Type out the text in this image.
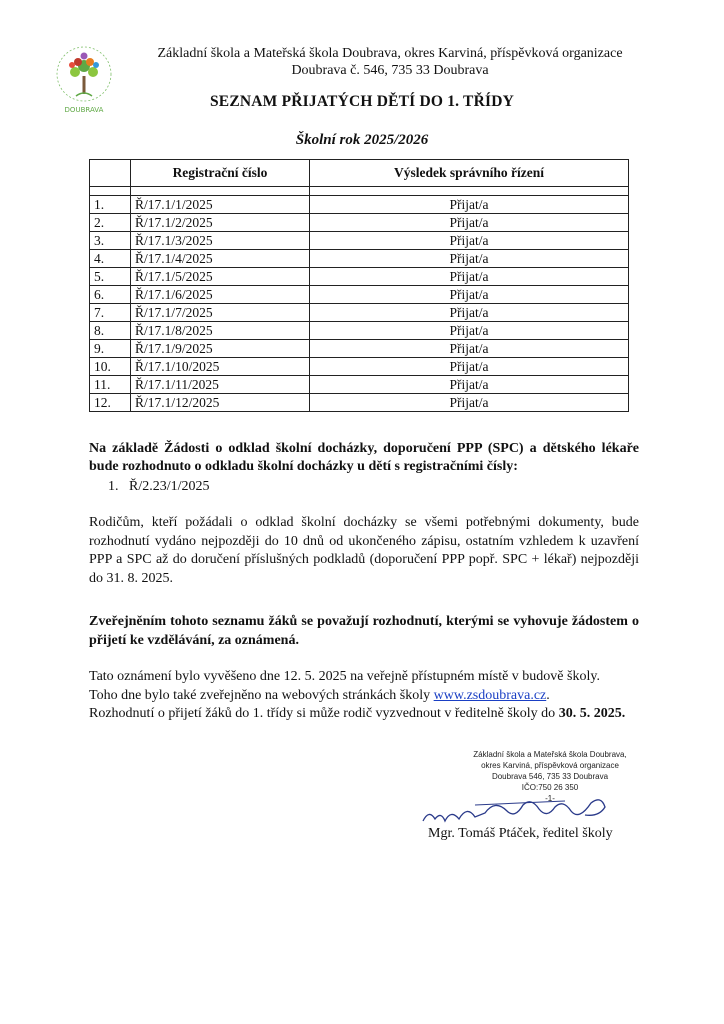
DOUBRAVA
Základní škola a Mateřská škola Doubrava, okres Karviná, příspěvková organizace
Doubrava č. 546, 735 33 Doubrava
SEZNAM PŘIJATÝCH DĚTÍ DO 1. TŘÍDY
Školní rok 2025/2026
	Registrační číslo	Výsledek správního řízení

1.	Ř/17.1/1/2025	Přijat/a
2.	Ř/17.1/2/2025	Přijat/a
3.	Ř/17.1/3/2025	Přijat/a
4.	Ř/17.1/4/2025	Přijat/a
5.	Ř/17.1/5/2025	Přijat/a
6.	Ř/17.1/6/2025	Přijat/a
7.	Ř/17.1/7/2025	Přijat/a
8.	Ř/17.1/8/2025	Přijat/a
9.	Ř/17.1/9/2025	Přijat/a
10.	Ř/17.1/10/2025	Přijat/a
11.	Ř/17.1/11/2025	Přijat/a
12.	Ř/17.1/12/2025	Přijat/a
Na základě Žádosti o odklad školní docházky, doporučení PPP (SPC) a dětského lékaře bude rozhodnuto o odkladu školní docházky u dětí s registračními čísly:
1. Ř/2.23/1/2025
Rodičům, kteří požádali o odklad školní docházky se všemi potřebnými dokumenty, bude rozhodnutí vydáno nejpozději do 10 dnů od ukončeného zápisu, ostatním vzhledem k uzavření PPP a SPC až do doručení příslušných podkladů (doporučení PPP popř. SPC + lékař) nejpozději do 31. 8. 2025.
Zveřejněním tohoto seznamu žáků se považují rozhodnutí, kterými se vyhovuje žádostem o přijetí ke vzdělávání, za oznámená.
Tato oznámení bylo vyvěšeno dne 12. 5. 2025 na veřejně přístupném místě v budově školy.
Toho dne bylo také zveřejněno na webových stránkách školy www.zsdoubrava.cz.
Rozhodnutí o přijetí žáků do 1. třídy si může rodič vyzvednout v ředitelně školy do 30. 5. 2025.
Základní škola a Mateřská škola Doubrava,
okres Karviná, příspěvková organizace
Doubrava 546, 735 33 Doubrava
IČO:750 26 350
-1-
Mgr. Tomáš Ptáček, ředitel školy
